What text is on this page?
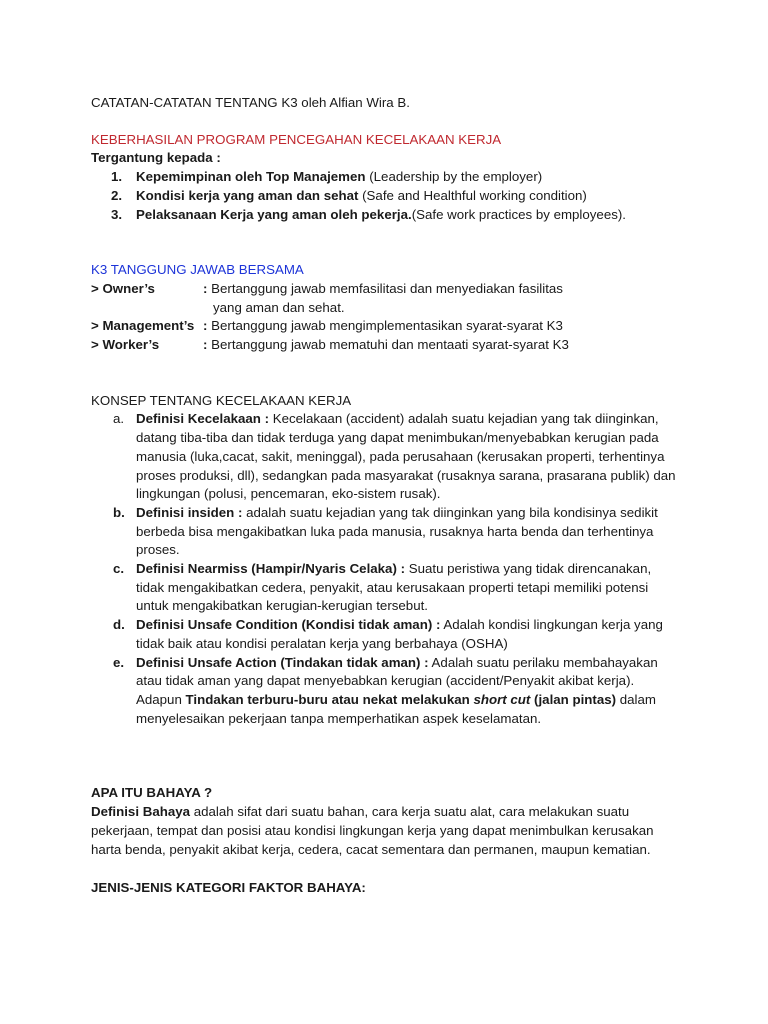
CATATAN-CATATAN TENTANG K3 oleh Alfian Wira B.

KEBERHASILAN PROGRAM PENCEGAHAN KECELAKAAN KERJA

Tergantung kepada :

1. Kepemimpinan oleh Top Manajemen (Leadership by the employer)
2. Kondisi kerja yang aman dan sehat (Safe and Healthful working condition)
3. Pelaksanaan Kerja yang aman oleh pekerja.(Safe work practices by employees).

K3 TANGGUNG JAWAB BERSAMA

> Owner’s	: Bertanggung jawab memfasilitasi dan menyediakan fasilitas
yang aman dan sehat.
> Management’s : Bertanggung jawab mengimplementasikan syarat-syarat K3
> Worker’s	: Bertanggung jawab mematuhi dan mentaati syarat-syarat K3

KONSEP TENTANG KECELAKAAN KERJA

a. Definisi Kecelakaan : Kecelakaan (accident) adalah suatu kejadian yang tak diinginkan, datang tiba-tiba dan tidak terduga yang dapat menimbukan/menyebabkan kerugian pada manusia (luka,cacat, sakit, meninggal), pada perusahaan (kerusakan properti, terhentinya proses produksi, dll), sedangkan pada masyarakat (rusaknya sarana, prasarana publik) dan lingkungan (polusi, pencemaran, eko-sistem rusak).
b. Definisi insiden : adalah suatu kejadian yang tak diinginkan yang bila kondisinya sedikit berbeda bisa mengakibatkan luka pada manusia, rusaknya harta benda dan terhentinya proses.
c. Definisi Nearmiss (Hampir/Nyaris Celaka) : Suatu peristiwa yang tidak direncanakan, tidak mengakibatkan cedera, penyakit, atau kerusakaan properti tetapi memiliki potensi untuk mengakibatkan kerugian-kerugian tersebut.
d. Definisi Unsafe Condition (Kondisi tidak aman) : Adalah kondisi lingkungan kerja yang tidak baik atau kondisi peralatan kerja yang berbahaya (OSHA)
e. Definisi Unsafe Action (Tindakan tidak aman) : Adalah suatu perilaku membahayakan atau tidak aman yang dapat menyebabkan kerugian (accident/Penyakit akibat kerja). Adapun Tindakan terburu-buru atau nekat melakukan short cut (jalan pintas) dalam menyelesaikan pekerjaan tanpa memperhatikan aspek keselamatan.

APA ITU BAHAYA ?

Definisi Bahaya adalah sifat dari suatu bahan, cara kerja suatu alat, cara melakukan suatu pekerjaan, tempat dan posisi atau kondisi lingkungan kerja yang dapat menimbulkan kerusakan harta benda, penyakit akibat kerja, cedera, cacat sementara dan permanen, maupun kematian.

JENIS-JENIS KATEGORI FAKTOR BAHAYA:
